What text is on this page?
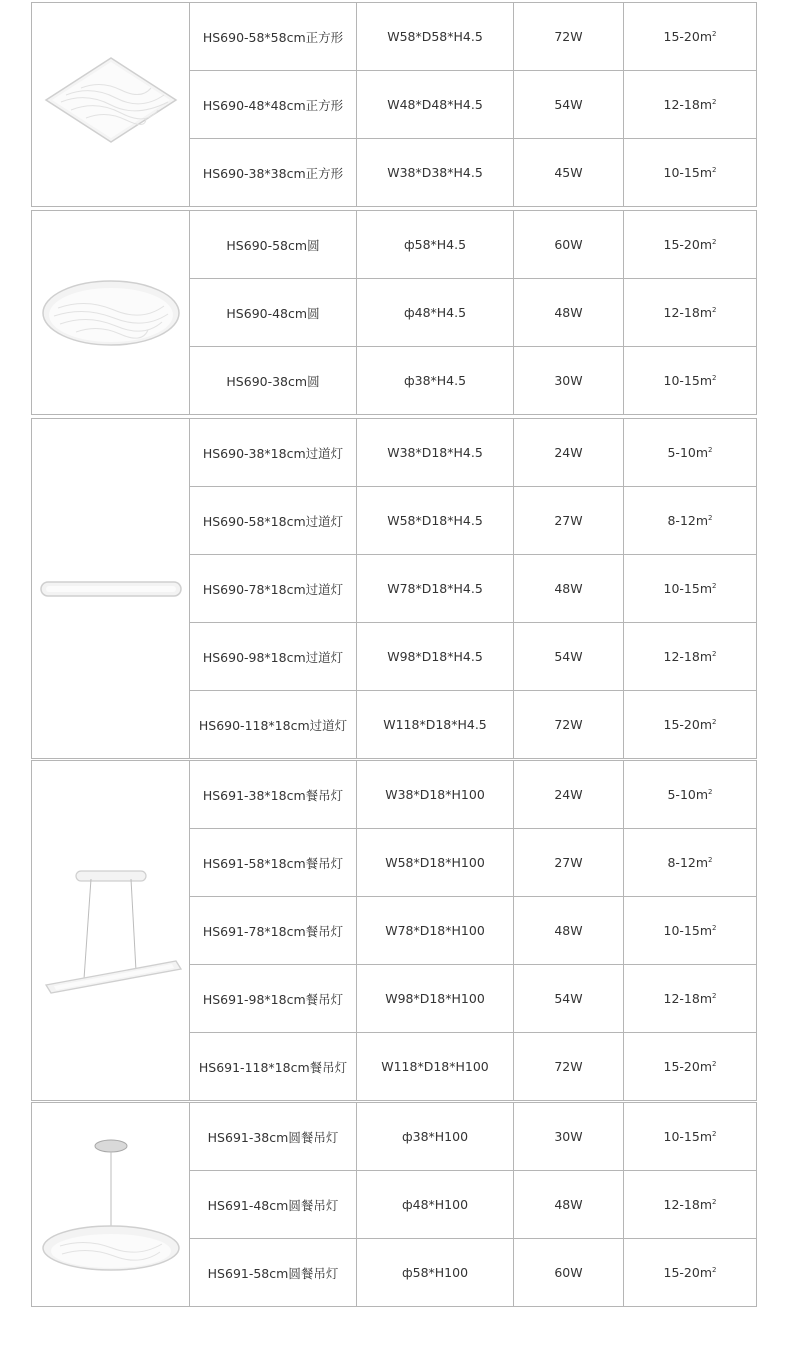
	HS690-58*58cm正方形	W58*D58*H4.5	72W	$15-20m^2$
	HS690-48*48cm正方形	W48*D48*H4.5	54W	$12-18m^2$
	HS690-38*38cm正方形	W38*D38*H4.5	45W	$10-15m^2$
	HS690-58cm圆	ф58*H4.5	60W	$15-20m^2$
	HS690-48cm圆	ф48*H4.5	48W	$12-18m^2$
	HS690-38cm圆	ф38*H4.5	30W	$10-15m^2$
	HS690-38*18cm过道灯	W38*D18*H4.5	24W	$5-10m^2$
	HS690-58*18cm过道灯	W58*D18*H4.5	27W	$8-12m^2$
	HS690-78*18cm过道灯	W78*D18*H4.5	48W	$10-15m^2$
	HS690-98*18cm过道灯	W98*D18*H4.5	54W	$12-18m^2$
	HS690-118*18cm过道灯	W118*D18*H4.5	72W	$15-20m^2$
	HS691-38*18cm餐吊灯	W38*D18*H100	24W	$5-10m^2$
	HS691-58*18cm餐吊灯	W58*D18*H100	27W	$8-12m^2$
	HS691-78*18cm餐吊灯	W78*D18*H100	48W	$10-15m^2$
	HS691-98*18cm餐吊灯	W98*D18*H100	54W	$12-18m^2$
	HS691-118*18cm餐吊灯	W118*D18*H100	72W	$15-20m^2$
	HS691-38cm圆餐吊灯	ф38*H100	30W	$10-15m^2$
	HS691-48cm圆餐吊灯	ф48*H100	48W	$12-18m^2$
	HS691-58cm圆餐吊灯	ф58*H100	60W	$15-20m^2$
